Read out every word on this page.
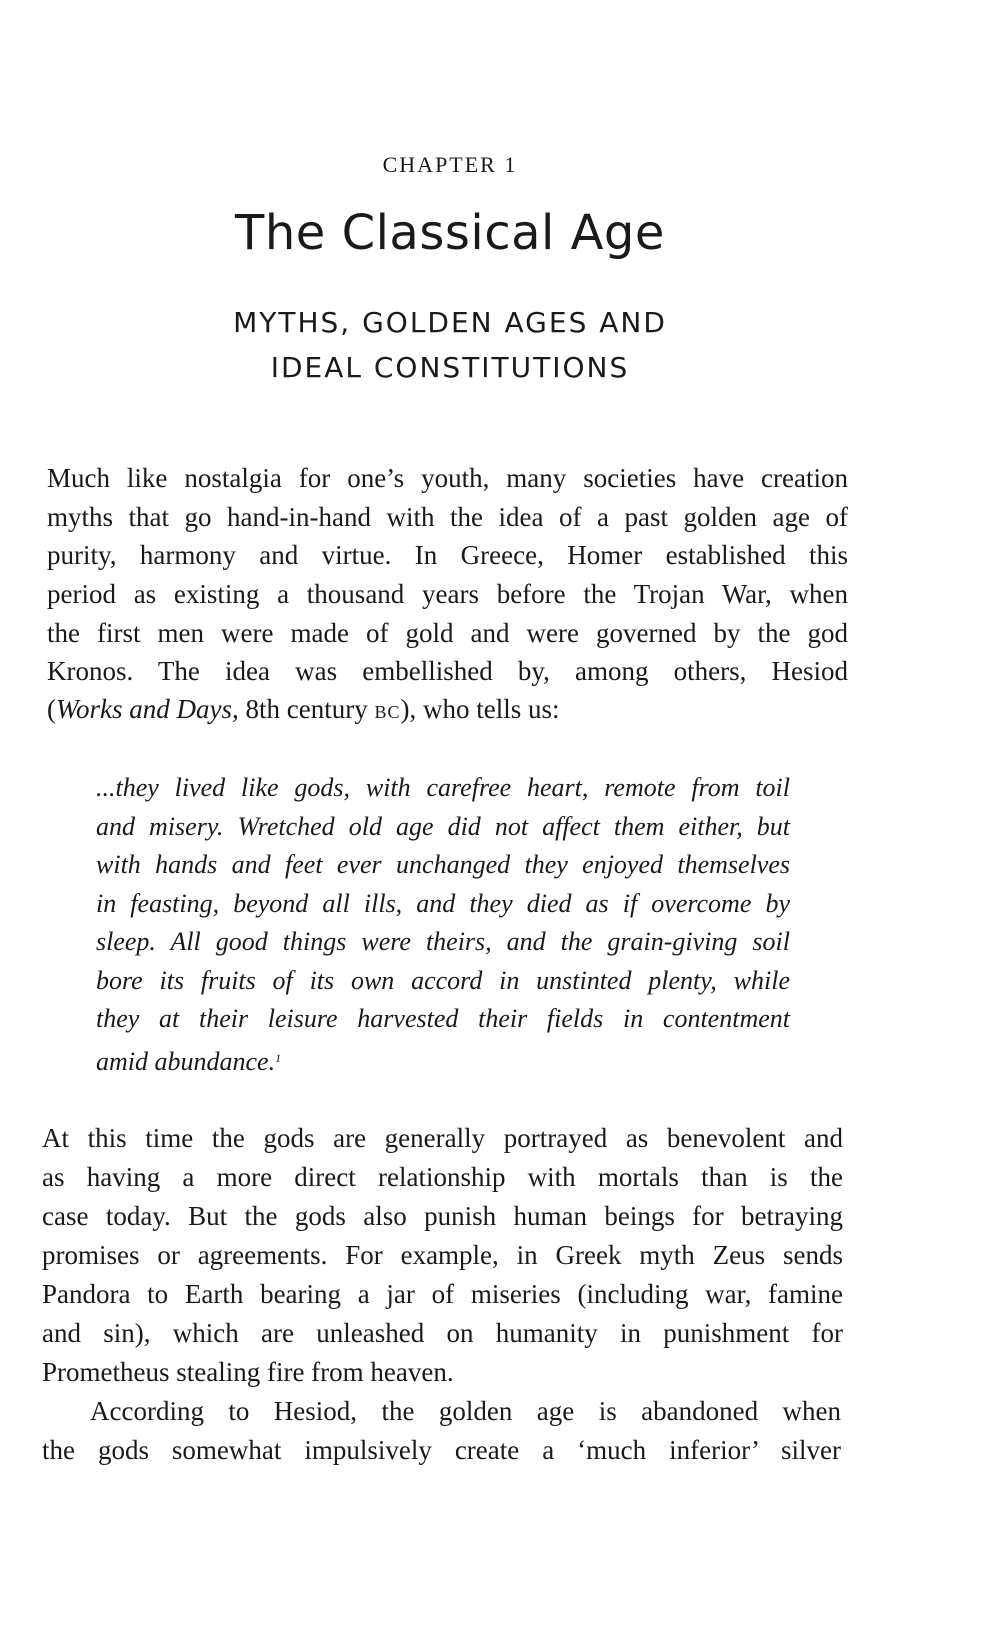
CHAPTER 1
The Classical Age
MYTHS, GOLDEN AGES AND
IDEAL CONSTITUTIONS
Much like nostalgia for one’s youth, many societies have creation
myths that go hand-in-hand with the idea of a past golden age of
purity, harmony and virtue. In Greece, Homer established this
period as existing a thousand years before the Trojan War, when
the first men were made of gold and were governed by the god
Kronos. The idea was embellished by, among others, Hesiod
(Works and Days, 8th century BC), who tells us:
...they lived like gods, with carefree heart, remote from toil
and misery. Wretched old age did not affect them either, but
with hands and feet ever unchanged they enjoyed themselves
in feasting, beyond all ills, and they died as if overcome by
sleep. All good things were theirs, and the grain-giving soil
bore its fruits of its own accord in unstinted plenty, while
they at their leisure harvested their fields in contentment
amid abundance.$^1$
At this time the gods are generally portrayed as benevolent and
as having a more direct relationship with mortals than is the
case today. But the gods also punish human beings for betraying
promises or agreements. For example, in Greek myth Zeus sends
Pandora to Earth bearing a jar of miseries (including war, famine
and sin), which are unleashed on humanity in punishment for
Prometheus stealing fire from heaven.
According to Hesiod, the golden age is abandoned when
the gods somewhat impulsively create a ‘much inferior’ silver
